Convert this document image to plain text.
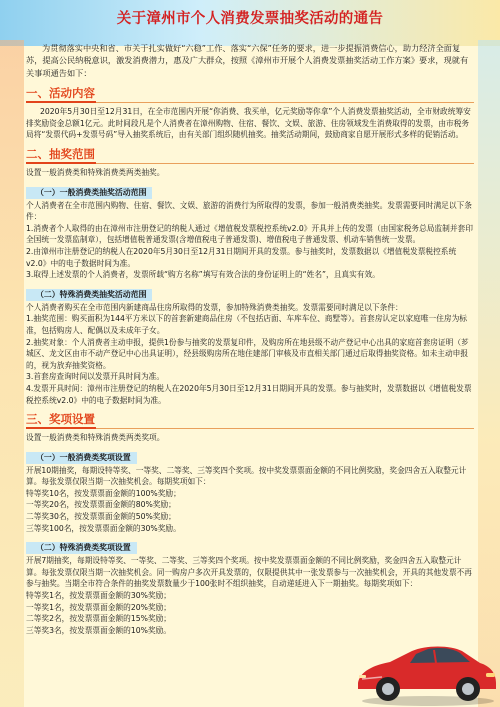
关于漳州市个人消费发票抽奖活动的通告
为贯彻落实中央和省、市关于扎实做好“六稳”工作、落实“六保”任务的要求，进一步提振消费信心，助力经济全面复苏，提高公民纳税意识，激发消费潜力，惠及广大群众，按照《漳州市开展个人消费发票抽奖活动工作方案》要求，现就有关事项通告如下：
一、活动内容
2020年5月30日至12月31日，在全市范围内开展“你消费、我买单，亿元奖励等你拿”个人消费发票抽奖活动，全市财政统筹安排奖励资金总额1亿元。此时间段凡是个人消费者在漳州购物、住宿、餐饮、文娱、旅游、住房领域发生消费取得的发票，由市税务局将“发票代码+发票号码”导入抽奖系统后，由有关部门组织随机抽奖。抽奖活动期间，鼓励商家自愿开展形式多样的促销活动。
二、抽奖范围
设置一般消费类和特殊消费类两类抽奖。
（一）一般消费类抽奖活动范围
个人消费者在全市范围内购物、住宿、餐饮、文娱、旅游的消费行为所取得的发票，参加一般消费类抽奖。发票需要同时满足以下条件：
1.消费者个人取得的由在漳州市注册登记的纳税人通过《增值税发票税控系统v2.0》开具并上传的发票（由国家税务总局监制并套印全国统一发票监制章），包括增值税普通发票(含增值税电子普通发票)、增值税电子普通发票、机动车销售统一发票。
2.由漳州市注册登记的纳税人在2020年5月30日至12月31日期间开具的发票。参与抽奖时，发票数据以《增值税发票税控系统v2.0》中的电子数据时间为准。
3.取得上述发票的个人消费者，发票所载“购方名称”填写有效合法的身份证明上的“姓名”，且真实有效。
（二）特殊消费类抽奖活动范围
个人消费者购买在全市范围内新建商品住房所取得的发票，参加特殊消费类抽奖。发票需要同时满足以下条件：
1.抽奖范围：购买面积为144平方米以下的首套新建商品住房（不包括店面、车库车位、商墅等）。首套房认定以家庭唯一住房为标准，包括购房人、配偶以及未成年子女。
2.抽奖对象：个人消费者主动申报，提供1份参与抽奖的发票复印件，及购房所在地县级不动产登记中心出具的家庭首套房证明（芗城区、龙文区由市不动产登记中心出具证明），经县级购房所在地住建部门审核及市直相关部门通过后取得抽奖资格。如未主动申报的，视为放弃抽奖资格。
3.首套房查询时间以发票开具时间为准。
4.发票开具时间：漳州市注册登记的纳税人在2020年5月30日至12月31日期间开具的发票。参与抽奖时，发票数据以《增值税发票税控系统v2.0》中的电子数据时间为准。
三、奖项设置
设置一般消费类和特殊消费类两类奖项。
（一）一般消费类奖项设置
开展10期抽奖，每期设特等奖、一等奖、二等奖、三等奖四个奖项。按中奖发票票面金额的不同比例奖励，奖金四舍五入取整元计算。每张发票仅限当期一次抽奖机会。每期奖项如下：
特等奖10名，按发票票面金额的100%奖励；
一等奖20名，按发票票面金额的80%奖励；
二等奖30名，按发票票面金额的50%奖励；
三等奖100名，按发票票面金额的30%奖励。
（二）特殊消费类奖项设置
开展7期抽奖，每期设特等奖、一等奖、二等奖、三等奖四个奖项。按中奖发票票面金额的不同比例奖励，奖金四舍五入取整元计算。每张发票仅限当期一次抽奖机会。同一购房户多次开具发票的，仅限提供其中一张发票参与一次抽奖机会，开具的其他发票不再参与抽奖。当期全市符合条件的抽奖发票数量少于100张时不组织抽奖，自动递延进入下一期抽奖。每期奖项如下：
特等奖1名，按发票票面金额的30%奖励；
一等奖1名，按发票票面金额的20%奖励；
二等奖2名，按发票票面金额的15%奖励；
三等奖3名，按发票票面金额的10%奖励。
